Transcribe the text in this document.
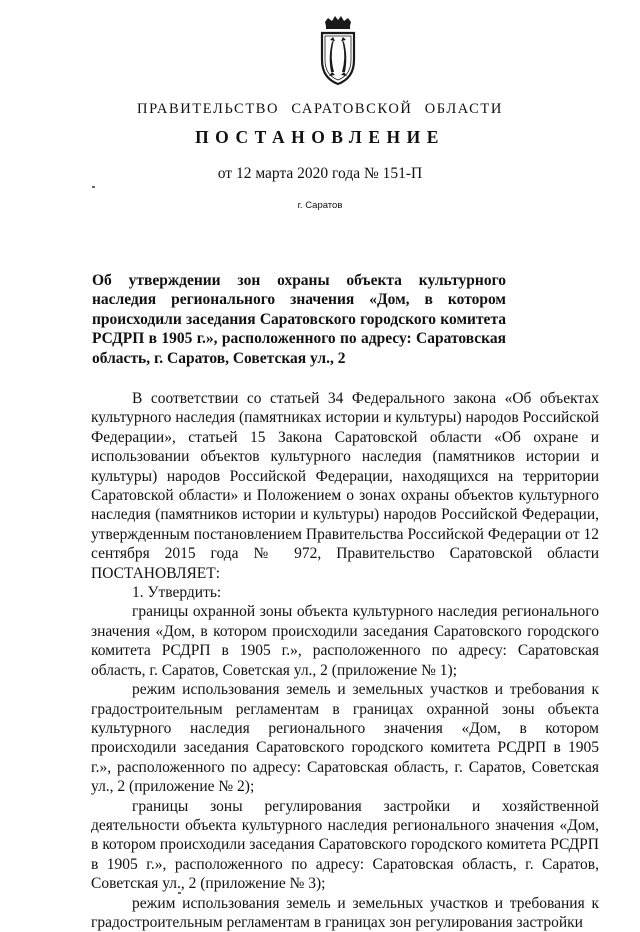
ПРАВИТЕЛЬСТВО САРАТОВСКОЙ ОБЛАСТИ
ПОСТАНОВЛЕНИЕ
от 12 марта 2020 года № 151-П
г. Саратов
Об утверждении зон охраны объекта культурного наследия регионального значения «Дом, в котором происходили заседания Саратовского городского комитета РСДРП в 1905 г.», расположенного по адресу: Саратовская область, г. Саратов, Советская ул., 2

В соответствии со статьей 34 Федерального закона «Об объектах культурного наследия (памятниках истории и культуры) народов Российской Федерации», статьей 15 Закона Саратовской области «Об охране и использовании объектов культурного наследия (памятников истории и культуры) народов Российской Федерации, находящихся на территории Саратовской области» и Положением о зонах охраны объектов культурного наследия (памятников истории и культуры) народов Российской Федерации, утвержденным постановлением Правительства Российской Федерации от 12 сентября 2015 года № 972, Правительство Саратовской области ПОСТАНОВЛЯЕТ:

1. Утвердить:

границы охранной зоны объекта культурного наследия регионального значения «Дом, в котором происходили заседания Саратовского городского комитета РСДРП в 1905 г.», расположенного по адресу: Саратовская область, г. Саратов, Советская ул., 2 (приложение № 1);

режим использования земель и земельных участков и требования к градостроительным регламентам в границах охранной зоны объекта культурного наследия регионального значения «Дом, в котором происходили заседания Саратовского городского комитета РСДРП в 1905 г.», расположенного по адресу: Саратовская область, г. Саратов, Советская ул., 2 (приложение № 2);

границы зоны регулирования застройки и хозяйственной деятельности объекта культурного наследия регионального значения «Дом, в котором происходили заседания Саратовского городского комитета РСДРП в 1905 г.», расположенного по адресу: Саратовская область, г. Саратов, Советская ул., 2 (приложение № 3);

режим использования земель и земельных участков и требования к градостроительным регламентам в границах зон регулирования застройки
